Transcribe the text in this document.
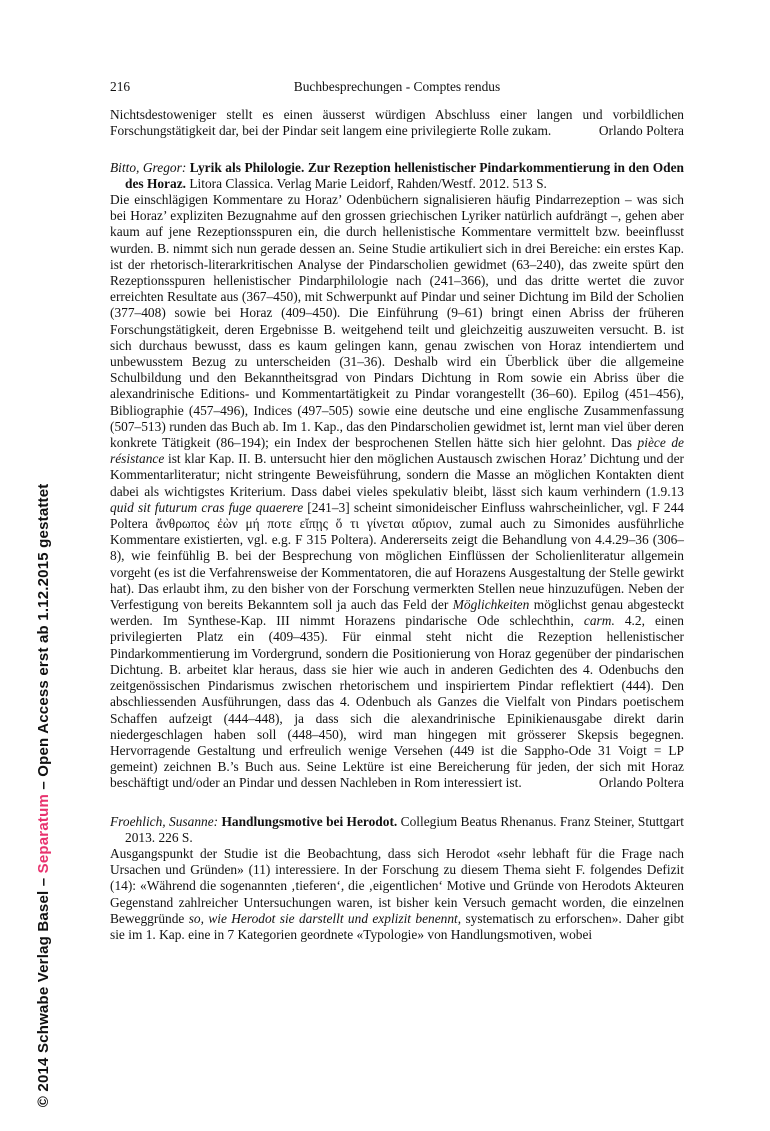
© 2014 Schwabe Verlag Basel – Separatum – Open Access erst ab 1.12.2015 gestattet
216	Buchbesprechungen - Comptes rendus

Nichtsdestoweniger stellt es einen äusserst würdigen Abschluss einer langen und vorbildlichen Forschungstätigkeit dar, bei der Pindar seit langem eine privilegierte Rolle zukam.	Orlando Poltera

Bitto, Gregor: Lyrik als Philologie. Zur Rezeption hellenistischer Pindarkommentierung in den Oden des Horaz. Litora Classica. Verlag Marie Leidorf, Rahden/Westf. 2012. 513 S.

Die einschlägigen Kommentare zu Horaz’ Odenbüchern signalisieren häufig Pindarrezeption – was sich bei Horaz’ expliziten Bezugnahme auf den grossen griechischen Lyriker natürlich aufdrängt –, gehen aber kaum auf jene Rezeptionsspuren ein, die durch hellenistische Kommentare vermittelt bzw. beeinflusst wurden. B. nimmt sich nun gerade dessen an. Seine Studie artikuliert sich in drei Bereiche: ein erstes Kap. ist der rhetorisch-literarkritischen Analyse der Pindarscholien gewidmet (63–240), das zweite spürt den Rezeptionsspuren hellenistischer Pindarphilologie nach (241–366), und das dritte wertet die zuvor erreichten Resultate aus (367–450), mit Schwerpunkt auf Pindar und seiner Dichtung im Bild der Scholien (377–408) sowie bei Horaz (409–450). Die Einführung (9–61) bringt einen Abriss der früheren Forschungstätigkeit, deren Ergebnisse B. weitgehend teilt und gleichzeitig auszuweiten versucht. B. ist sich durchaus bewusst, dass es kaum gelingen kann, genau zwischen von Horaz intendiertem und unbewusstem Bezug zu unterscheiden (31–36). Deshalb wird ein Überblick über die allgemeine Schulbildung und den Bekanntheitsgrad von Pindars Dichtung in Rom sowie ein Abriss über die alexandrinische Editions- und Kommentartätigkeit zu Pindar vorangestellt (36–60). Epilog (451–456), Bibliographie (457–496), Indices (497–505) sowie eine deutsche und eine englische Zusammenfassung (507–513) runden das Buch ab. Im 1. Kap., das den Pindarscholien gewidmet ist, lernt man viel über deren konkrete Tätigkeit (86–194); ein Index der besprochenen Stellen hätte sich hier gelohnt. Das pièce de résistance ist klar Kap. II. B. untersucht hier den möglichen Austausch zwischen Horaz’ Dichtung und der Kommentarliteratur; nicht stringente Beweisführung, sondern die Masse an möglichen Kontakten dient dabei als wichtigstes Kriterium. Dass dabei vieles spekulativ bleibt, lässt sich kaum verhindern (1.9.13 quid sit futurum cras fuge quaerere [241–3] scheint simonideischer Einfluss wahrscheinlicher, vgl. F 244 Poltera ἄνθρωπος ἐὼν μή ποτε εἴπῃς ὅ τι γίνεται αὔριον, zumal auch zu Simonides ausführliche Kommentare existierten, vgl. e.g. F 315 Poltera). Andererseits zeigt die Behandlung von 4.4.29–36 (306–8), wie feinfühlig B. bei der Besprechung von möglichen Einflüssen der Scholienliteratur allgemein vorgeht (es ist die Verfahrensweise der Kommentatoren, die auf Horazens Ausgestaltung der Stelle gewirkt hat). Das erlaubt ihm, zu den bisher von der Forschung vermerkten Stellen neue hinzuzufügen. Neben der Verfestigung von bereits Bekanntem soll ja auch das Feld der Möglichkeiten möglichst genau abgesteckt werden. Im Synthese-Kap. III nimmt Horazens pindarische Ode schlechthin, carm. 4.2, einen privilegierten Platz ein (409–435). Für einmal steht nicht die Rezeption hellenistischer Pindarkommentierung im Vordergrund, sondern die Positionierung von Horaz gegenüber der pindarischen Dichtung. B. arbeitet klar heraus, dass sie hier wie auch in anderen Gedichten des 4. Odenbuchs den zeitgenössischen Pindarismus zwischen rhetorischem und inspiriertem Pindar reflektiert (444). Den abschliessenden Ausführungen, dass das 4. Odenbuch als Ganzes die Vielfalt von Pindars poetischem Schaffen aufzeigt (444–448), ja dass sich die alexandrinische Epinikienausgabe direkt darin niedergeschlagen haben soll (448–450), wird man hingegen mit grösserer Skepsis begegnen. Hervorragende Gestaltung und erfreulich wenige Versehen (449 ist die Sappho-Ode 31 Voigt = LP gemeint) zeichnen B.’s Buch aus. Seine Lektüre ist eine Bereicherung für jeden, der sich mit Horaz beschäftigt und/oder an Pindar und dessen Nachleben in Rom interessiert ist.	Orlando Poltera

Froehlich, Susanne: Handlungsmotive bei Herodot. Collegium Beatus Rhenanus. Franz Steiner, Stuttgart 2013. 226 S.

Ausgangspunkt der Studie ist die Beobachtung, dass sich Herodot «sehr lebhaft für die Frage nach Ursachen und Gründen» (11) interessiere. In der Forschung zu diesem Thema sieht F. folgendes Defizit (14): «Während die sogenannten ‚tieferen‘, die ‚eigentlichen‘ Motive und Gründe von Herodots Akteuren Gegenstand zahlreicher Untersuchungen waren, ist bisher kein Versuch gemacht worden, die einzelnen Beweggründe so, wie Herodot sie darstellt und explizit benennt, systematisch zu erforschen». Daher gibt sie im 1. Kap. eine in 7 Kategorien geordnete «Typologie» von Handlungsmotiven, wobei
